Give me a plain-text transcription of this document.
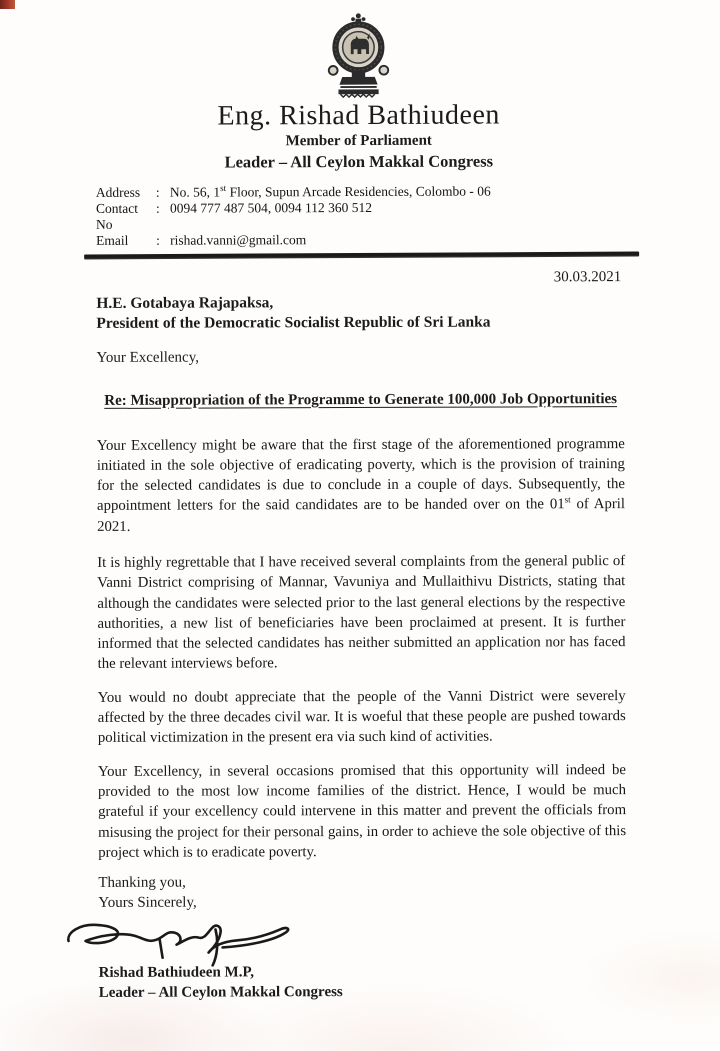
Eng. Rishad Bathiudeen
Member of Parliament
Leader – All Ceylon Makkal Congress
Address	: No. 56, 1st Floor, Supun Arcade Residencies, Colombo - 06
Contact No
: 0094 777 487 504, 0094 112 360 512
Email	: rishad.vanni@gmail.com
30.03.2021
H.E. Gotabaya Rajapaksa,
President of the Democratic Socialist Republic of Sri Lanka
Your Excellency,
Re: Misappropriation of the Programme to Generate 100,000 Job Opportunities

Your Excellency might be aware that the first stage of the aforementioned programme initiated in the sole objective of eradicating poverty, which is the provision of training for the selected candidates is due to conclude in a couple of days. Subsequently, the appointment letters for the said candidates are to be handed over on the 01st of April 2021.

It is highly regrettable that I have received several complaints from the general public of Vanni District comprising of Mannar, Vavuniya and Mullaithivu Districts, stating that although the candidates were selected prior to the last general elections by the respective authorities, a new list of beneficiaries have been proclaimed at present. It is further informed that the selected candidates has neither submitted an application nor has faced the relevant interviews before.

You would no doubt appreciate that the people of the Vanni District were severely affected by the three decades civil war. It is woeful that these people are pushed towards political victimization in the present era via such kind of activities.

Your Excellency, in several occasions promised that this opportunity will indeed be provided to the most low income families of the district. Hence, I would be much grateful if your excellency could intervene in this matter and prevent the officials from misusing the project for their personal gains, in order to achieve the sole objective of this project which is to eradicate poverty.

Thanking you,
Yours Sincerely,
Rishad Bathiudeen M.P,
Leader – All Ceylon Makkal Congress
